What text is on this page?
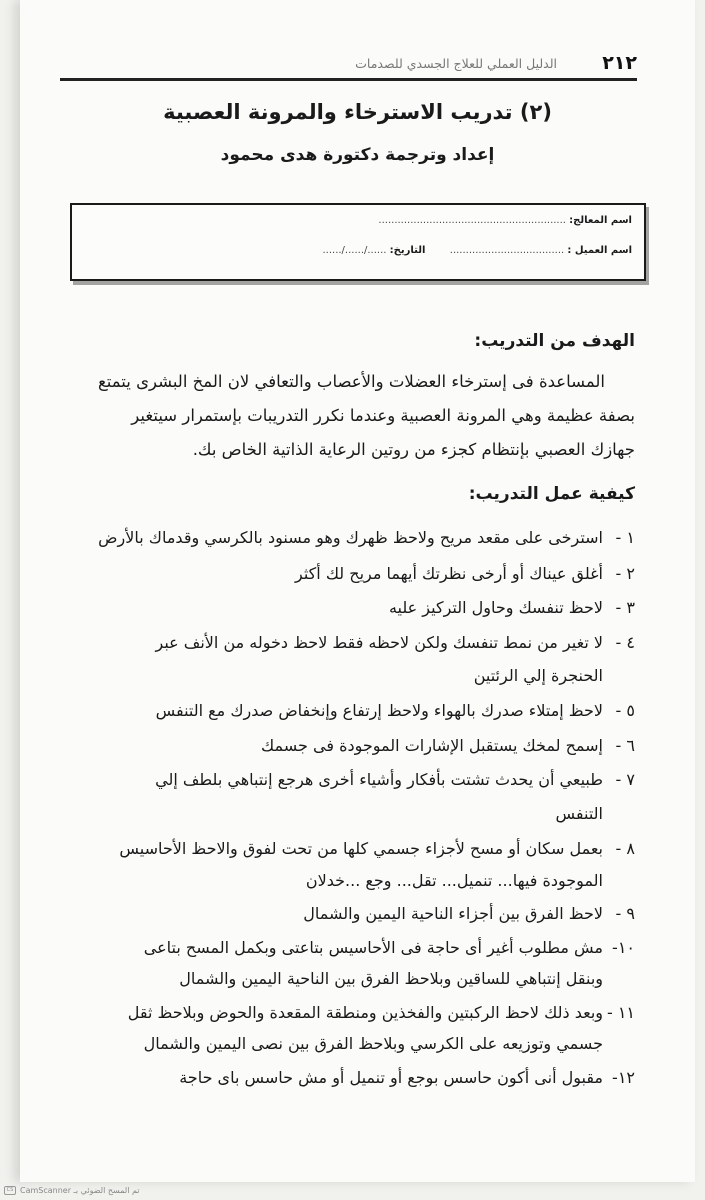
٢١٢
الدليل العملي للعلاج الجسدي للصدمات
(٢) تدريب الاسترخاء والمرونة العصبية
إعداد وترجمة دكتورة هدى محمود
اسم المعالج: ...........................................................
اسم العميل : ....................................  التاريخ: ....../....../......
الهدف من التدريب:
المساعدة فى إسترخاء العضلات والأعصاب والتعافي لان المخ البشرى يتمتع
بصفة عظيمة وهي المرونة العصبية وعندما نكرر التدريبات بإستمرار سيتغير
جهازك العصبي بإنتظام كجزء من روتين الرعاية الذاتية الخاص بك.
كيفية عمل التدريب:
١ -
استرخى على مقعد مريح ولاحظ ظهرك وهو مسنود بالكرسي وقدماك بالأرض
٢ -
أغلق عيناك أو أرخى نظرتك أيهما مريح لك أكثر
٣ -
لاحظ تنفسك وحاول التركيز عليه
٤ -
لا تغير من نمط تنفسك ولكن لاحظه فقط لاحظ دخوله من الأنف عبر
الحنجرة إلي الرئتين
٥ -
لاحظ إمتلاء صدرك بالهواء ولاحظ إرتفاع وإنخفاض صدرك مع التنفس
٦ -
إسمح لمخك يستقبل الإشارات الموجودة فى جسمك
٧ -
طبيعي أن يحدث تشتت بأفكار وأشياء أخرى هرجع إنتباهي بلطف إلي
التنفس
٨ -
بعمل سكان أو مسح لأجزاء جسمي كلها من تحت لفوق والاحظ الأحاسيس
الموجودة فيها... تنميل... تقل... وجع ...خدلان
٩ -
لاحظ الفرق بين أجزاء الناحية اليمين والشمال
١٠-
مش مطلوب أغير أى حاجة فى الأحاسيس بتاعتى وبكمل المسح بتاعى
وبنقل إنتباهي للساقين وبلاحظ الفرق بين الناحية اليمين والشمال
١١ -
وبعد ذلك لاحظ الركبتين والفخذين ومنطقة المقعدة والحوض وبلاحظ ثقل
جسمي وتوزيعه على الكرسي وبلاحظ الفرق بين نصى اليمين والشمال
١٢-
مقبول أنى أكون حاسس بوجع أو تنميل أو مش حاسس باى حاجة
CS تم المسح الضوئي بـ CamScanner
